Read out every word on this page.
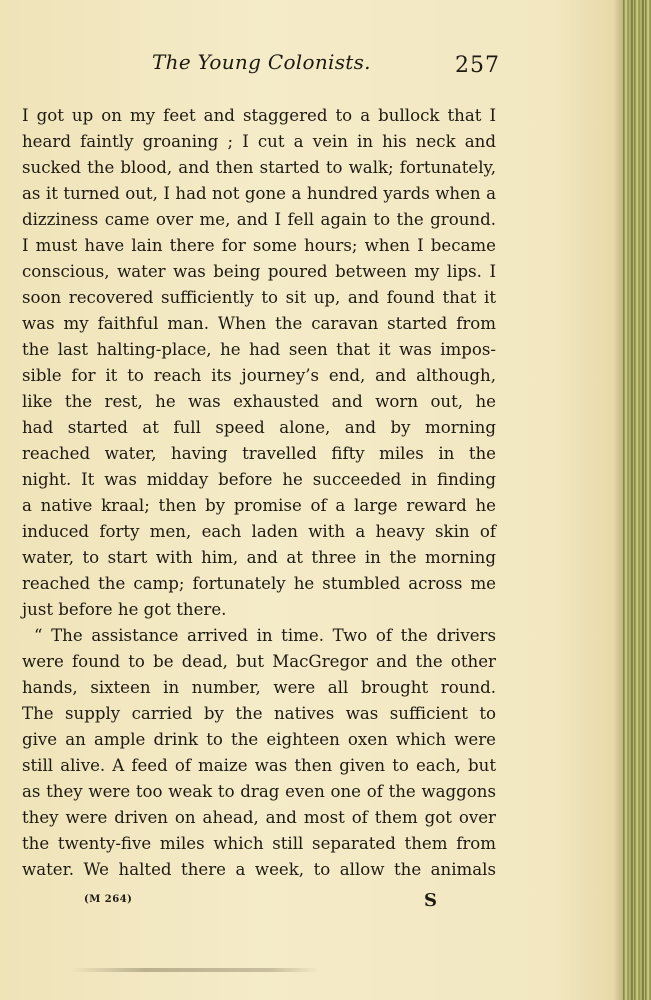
The Young Colonists.	257
I got up on my feet and staggered to a bullock that I
heard faintly groaning ; I cut a vein in his neck and
sucked the blood, and then started to walk; fortunately,
as it turned out, I had not gone a hundred yards when a
dizziness came over me, and I fell again to the ground.
I must have lain there for some hours; when I became
conscious, water was being poured between my lips. I
soon recovered sufficiently to sit up, and found that it
was my faithful man. When the caravan started from
the last halting-place, he had seen that it was impos-
sible for it to reach its journey’s end, and although,
like the rest, he was exhausted and worn out, he
had started at full speed alone, and by morning
reached water, having travelled fifty miles in the
night. It was midday before he succeeded in finding
a native kraal; then by promise of a large reward he
induced forty men, each laden with a heavy skin of
water, to start with him, and at three in the morning
reached the camp; fortunately he stumbled across me
just before he got there.
“ The assistance arrived in time. Two of the drivers
were found to be dead, but MacGregor and the other
hands, sixteen in number, were all brought round.
The supply carried by the natives was sufficient to
give an ample drink to the eighteen oxen which were
still alive. A feed of maize was then given to each, but
as they were too weak to drag even one of the waggons
they were driven on ahead, and most of them got over
the twenty-five miles which still separated them from
water. We halted there a week, to allow the animals
(M 264)	S
